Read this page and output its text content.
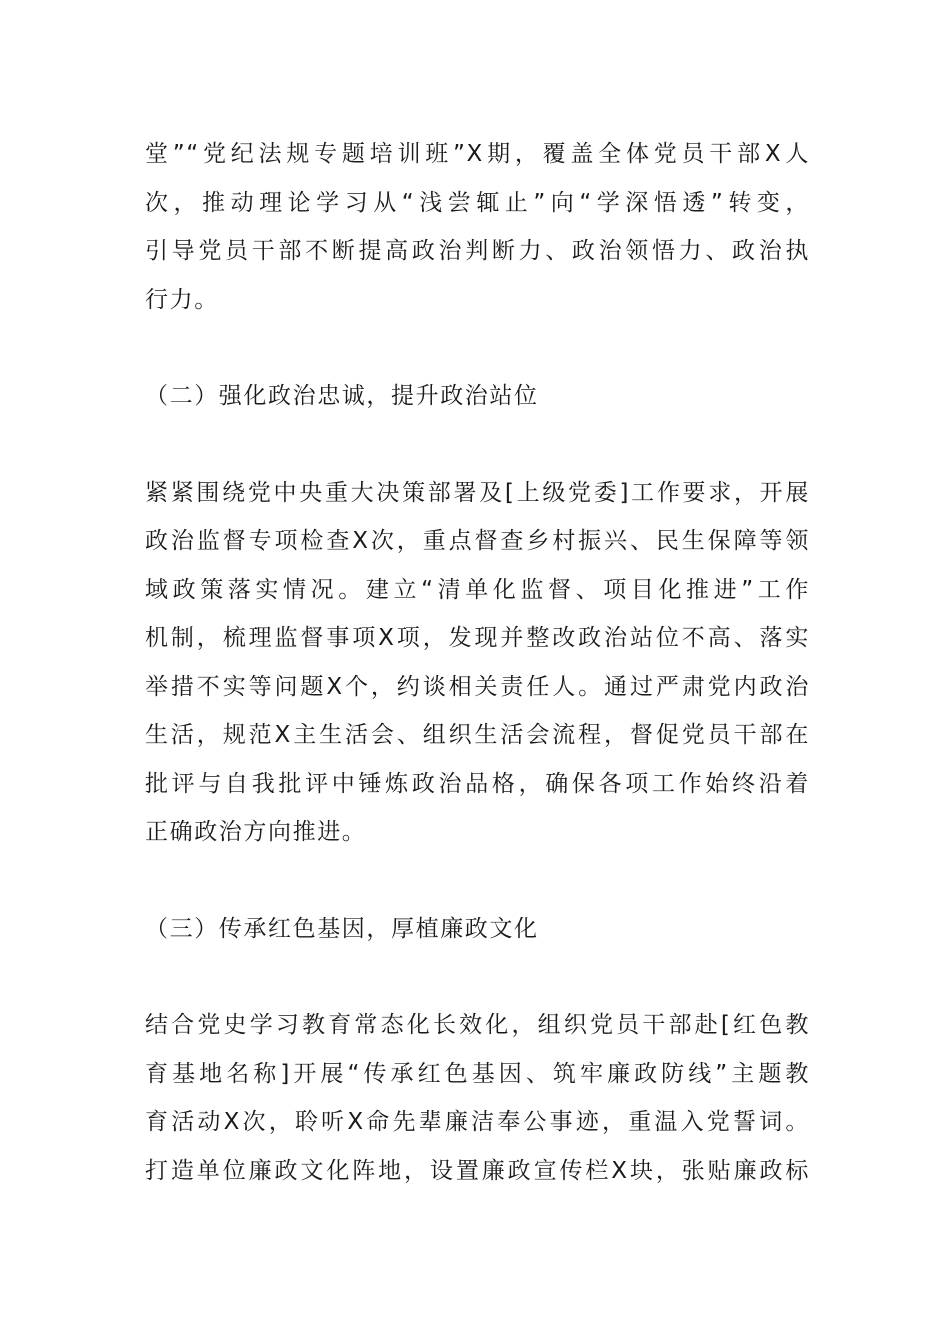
堂”“党纪法规专题培训班”X期，覆盖全体党员干部X人
次，推动理论学习从“浅尝辄止”向“学深悟透”转变，
引导党员干部不断提高政治判断力、政治领悟力、政治执
行力。
（二）强化政治忠诚，提升政治站位
紧紧围绕党中央重大决策部署及[上级党委]工作要求，开展
政治监督专项检查X次，重点督查乡村振兴、民生保障等领
域政策落实情况。建立“清单化监督、项目化推进”工作
机制，梳理监督事项X项，发现并整改政治站位不高、落实
举措不实等问题X个，约谈相关责任人。通过严肃党内政治
生活，规范X主生活会、组织生活会流程，督促党员干部在
批评与自我批评中锤炼政治品格，确保各项工作始终沿着
正确政治方向推进。
（三）传承红色基因，厚植廉政文化
结合党史学习教育常态化长效化，组织党员干部赴[红色教
育基地名称]开展“传承红色基因、筑牢廉政防线”主题教
育活动X次，聆听X命先辈廉洁奉公事迹，重温入党誓词。
打造单位廉政文化阵地，设置廉政宣传栏X块，张贴廉政标
